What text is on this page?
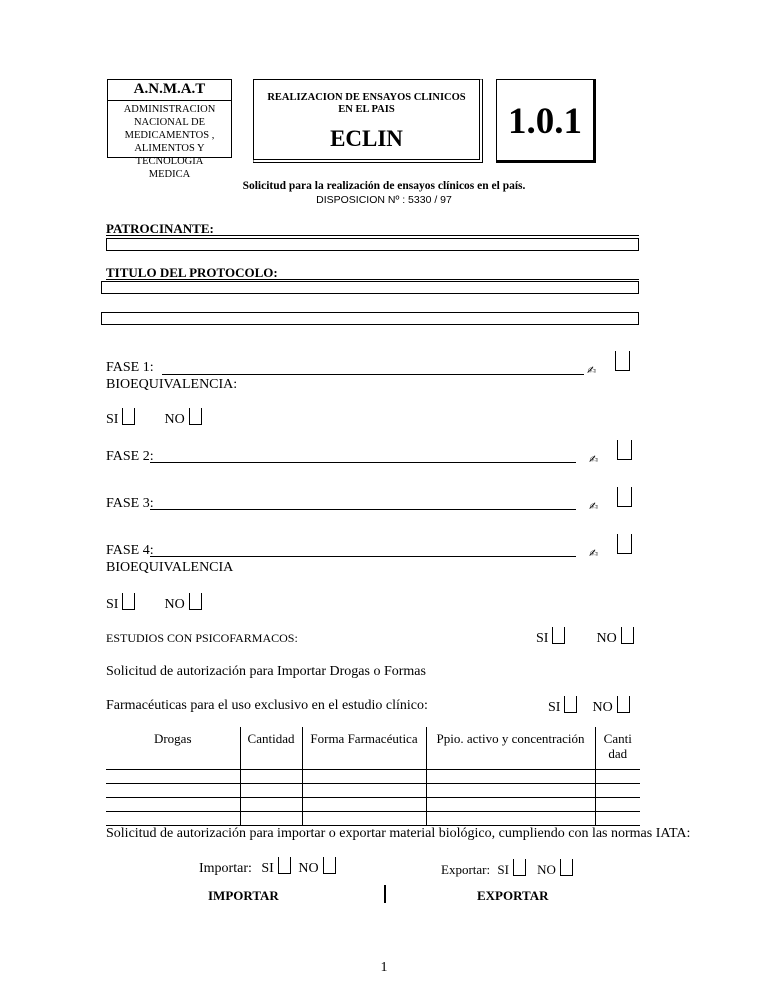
A.N.M.A.T
ADMINISTRACION NACIONAL DE MEDICAMENTOS , ALIMENTOS Y TECNOLOGIA MEDICA
REALIZACION DE ENSAYOS CLINICOS EN EL PAIS
ECLIN	1.0.1
Solicitud para la realización de ensayos clínicos en el país.
DISPOSICION Nº : 5330 / 97
PATROCINANTE:
TITULO DEL PROTOCOLO:
FASE 1:	✍
BIOEQUIVALENCIA:
SI	NO
FASE 2:	✍
FASE 3:	✍
FASE 4:	✍
BIOEQUIVALENCIA
SI	NO
ESTUDIOS CON PSICOFARMACOS:	SI	NO
Solicitud de autorización para Importar Drogas o Formas
Farmacéuticas para el uso exclusivo en el estudio clínico:	SI NO
Drogas	Cantidad	Forma Farmacéutica	Ppio. activo y concentración	Canti dad

Solicitud de autorización para importar o exportar material biológico, cumpliendo con las normas IATA:
Importar: SI NO	Exportar: SI NO
IMPORTAR	EXPORTAR
1
